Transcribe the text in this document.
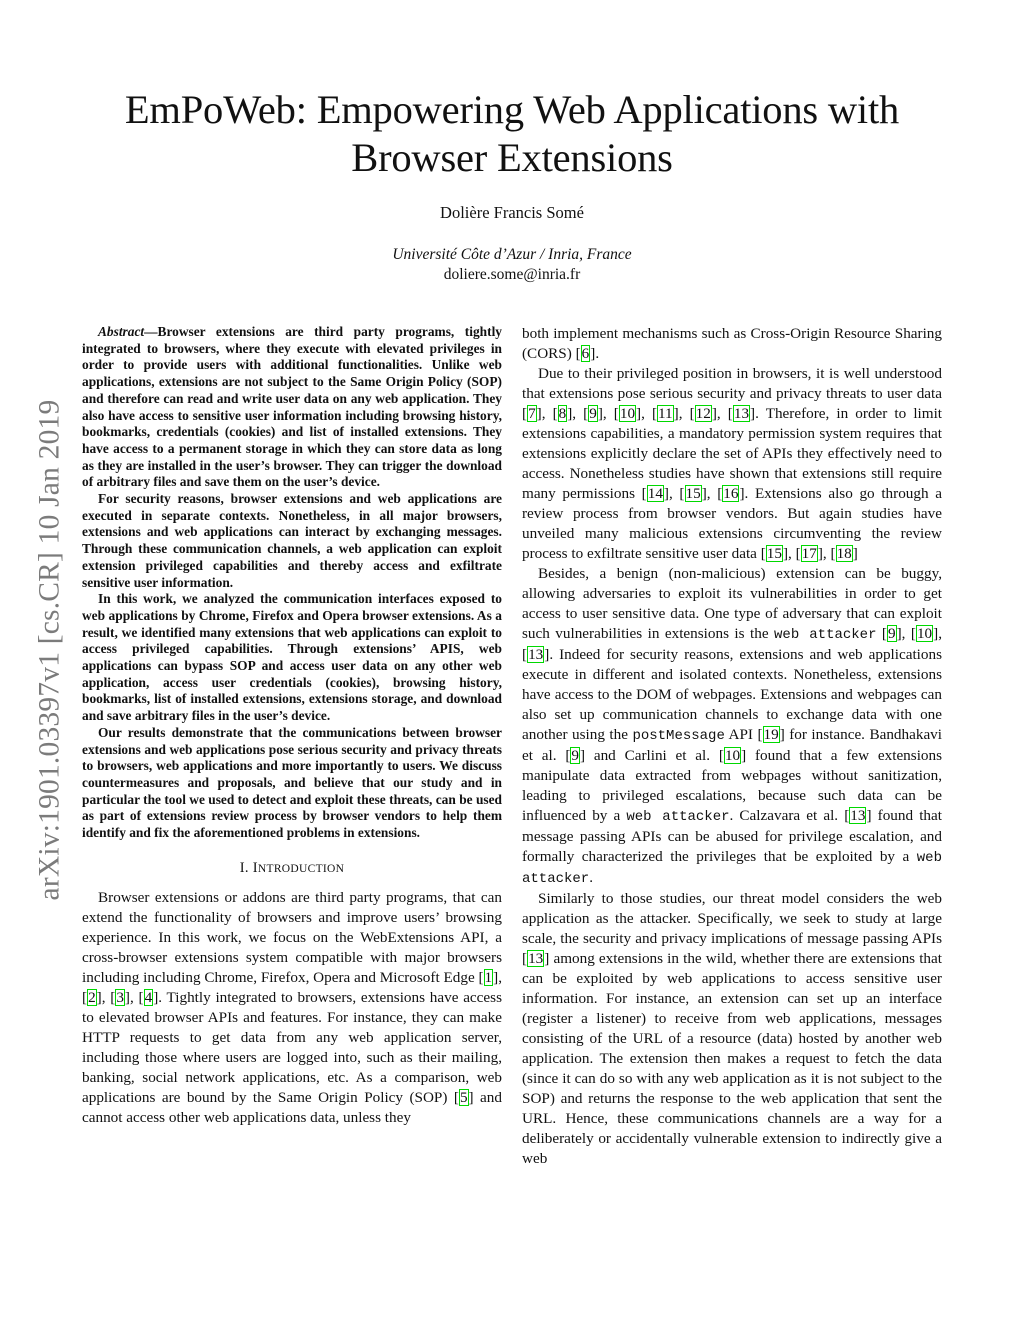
arXiv:1901.03397v1 [cs.CR] 10 Jan 2019
EmPoWeb: Empowering Web Applications with Browser Extensions
Dolière Francis Somé
Université Côte d’Azur / Inria, France
doliere.some@inria.fr

Abstract—Browser extensions are third party programs, tightly integrated to browsers, where they execute with elevated privileges in order to provide users with additional functionalities. Unlike web applications, extensions are not subject to the Same Origin Policy (SOP) and therefore can read and write user data on any web application. They also have access to sensitive user information including browsing history, bookmarks, credentials (cookies) and list of installed extensions. They have access to a permanent storage in which they can store data as long as they are installed in the user’s browser. They can trigger the download of arbitrary files and save them on the user’s device.

For security reasons, browser extensions and web applications are executed in separate contexts. Nonetheless, in all major browsers, extensions and web applications can interact by exchanging messages. Through these communication channels, a web application can exploit extension privileged capabilities and thereby access and exfiltrate sensitive user information.

In this work, we analyzed the communication interfaces exposed to web applications by Chrome, Firefox and Opera browser extensions. As a result, we identified many extensions that web applications can exploit to access privileged capabilities. Through extensions’ APIS, web applications can bypass SOP and access user data on any other web application, access user credentials (cookies), browsing history, bookmarks, list of installed extensions, extensions storage, and download and save arbitrary files in the user’s device.

Our results demonstrate that the communications between browser extensions and web applications pose serious security and privacy threats to browsers, web applications and more importantly to users. We discuss countermeasures and proposals, and believe that our study and in particular the tool we used to detect and exploit these threats, can be used as part of extensions review process by browser vendors to help them identify and fix the aforementioned problems in extensions.

I. INTRODUCTION

Browser extensions or addons are third party programs, that can extend the functionality of browsers and improve users’ browsing experience. In this work, we focus on the WebExtensions API, a cross-browser extensions system compatible with major browsers including including Chrome, Firefox, Opera and Microsoft Edge [1], [2], [3], [4]. Tightly integrated to browsers, extensions have access to elevated browser APIs and features. For instance, they can make HTTP requests to get data from any web application server, including those where users are logged into, such as their mailing, banking, social network applications, etc. As a comparison, web applications are bound by the Same Origin Policy (SOP) [5] and cannot access other web applications data, unless they

both implement mechanisms such as Cross-Origin Resource Sharing (CORS) [6].

Due to their privileged position in browsers, it is well understood that extensions pose serious security and privacy threats to user data [7], [8], [9], [10], [11], [12], [13]. Therefore, in order to limit extensions capabilities, a mandatory permission system requires that extensions explicitly declare the set of APIs they effectively need to access. Nonetheless studies have shown that extensions still require many permissions [14], [15], [16]. Extensions also go through a review process from browser vendors. But again studies have unveiled many malicious extensions circumventing the review process to exfiltrate sensitive user data [15], [17], [18]

Besides, a benign (non-malicious) extension can be buggy, allowing adversaries to exploit its vulnerabilities in order to get access to user sensitive data. One type of adversary that can exploit such vulnerabilities in extensions is the web attacker [9], [10], [13]. Indeed for security reasons, extensions and web applications execute in different and isolated contexts. Nonetheless, extensions have access to the DOM of webpages. Extensions and webpages can also set up communication channels to exchange data with one another using the postMessage API [19] for instance. Bandhakavi et al. [9] and Carlini et al. [10] found that a few extensions manipulate data extracted from webpages without sanitization, leading to privileged escalations, because such data can be influenced by a web attacker. Calzavara et al. [13] found that message passing APIs can be abused for privilege escalation, and formally characterized the privileges that be exploited by a web attacker.

Similarly to those studies, our threat model considers the web application as the attacker. Specifically, we seek to study at large scale, the security and privacy implications of message passing APIs [13] among extensions in the wild, whether there are extensions that can be exploited by web applications to access sensitive user information. For instance, an extension can set up an interface (register a listener) to receive from web applications, messages consisting of the URL of a resource (data) hosted by another web application. The extension then makes a request to fetch the data (since it can do so with any web application as it is not subject to the SOP) and returns the response to the web application that sent the URL. Hence, these communications channels are a way for a deliberately or accidentally vulnerable extension to indirectly give a web
